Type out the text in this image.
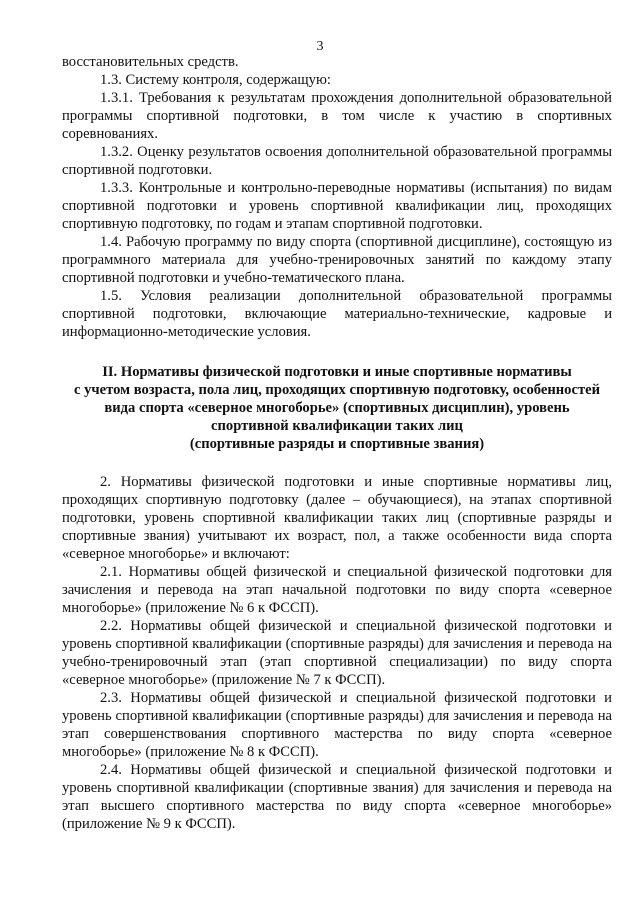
3

восстановительных средств.

1.3. Систему контроля, содержащую:

1.3.1. Требования к результатам прохождения дополнительной образовательной программы спортивной подготовки, в том числе к участию в спортивных соревнованиях.

1.3.2. Оценку результатов освоения дополнительной образовательной программы спортивной подготовки.

1.3.3. Контрольные и контрольно-переводные нормативы (испытания) по видам спортивной подготовки и уровень спортивной квалификации лиц, проходящих спортивную подготовку, по годам и этапам спортивной подготовки.

1.4. Рабочую программу по виду спорта (спортивной дисциплине), состоящую из программного материала для учебно-тренировочных занятий по каждому этапу спортивной подготовки и учебно-тематического плана.

1.5. Условия реализации дополнительной образовательной программы спортивной подготовки, включающие материально-технические, кадровые и информационно-методические условия.

II. Нормативы физической подготовки и иные спортивные нормативы
с учетом возраста, пола лиц, проходящих спортивную подготовку, особенностей
вида спорта «северное многоборье» (спортивных дисциплин), уровень
спортивной квалификации таких лиц
(спортивные разряды и спортивные звания)

2. Нормативы физической подготовки и иные спортивные нормативы лиц, проходящих спортивную подготовку (далее – обучающиеся), на этапах спортивной подготовки, уровень спортивной квалификации таких лиц (спортивные разряды и спортивные звания) учитывают их возраст, пол, а также особенности вида спорта «северное многоборье» и включают:

2.1. Нормативы общей физической и специальной физической подготовки для зачисления и перевода на этап начальной подготовки по виду спорта «северное многоборье» (приложение № 6 к ФССП).

2.2. Нормативы общей физической и специальной физической подготовки и уровень спортивной квалификации (спортивные разряды) для зачисления и перевода на учебно-тренировочный этап (этап спортивной специализации) по виду спорта «северное многоборье» (приложение № 7 к ФССП).

2.3. Нормативы общей физической и специальной физической подготовки и уровень спортивной квалификации (спортивные разряды) для зачисления и перевода на этап совершенствования спортивного мастерства по виду спорта «северное многоборье» (приложение № 8 к ФССП).

2.4. Нормативы общей физической и специальной физической подготовки и уровень спортивной квалификации (спортивные звания) для зачисления и перевода на этап высшего спортивного мастерства по виду спорта «северное многоборье» (приложение № 9 к ФССП).
